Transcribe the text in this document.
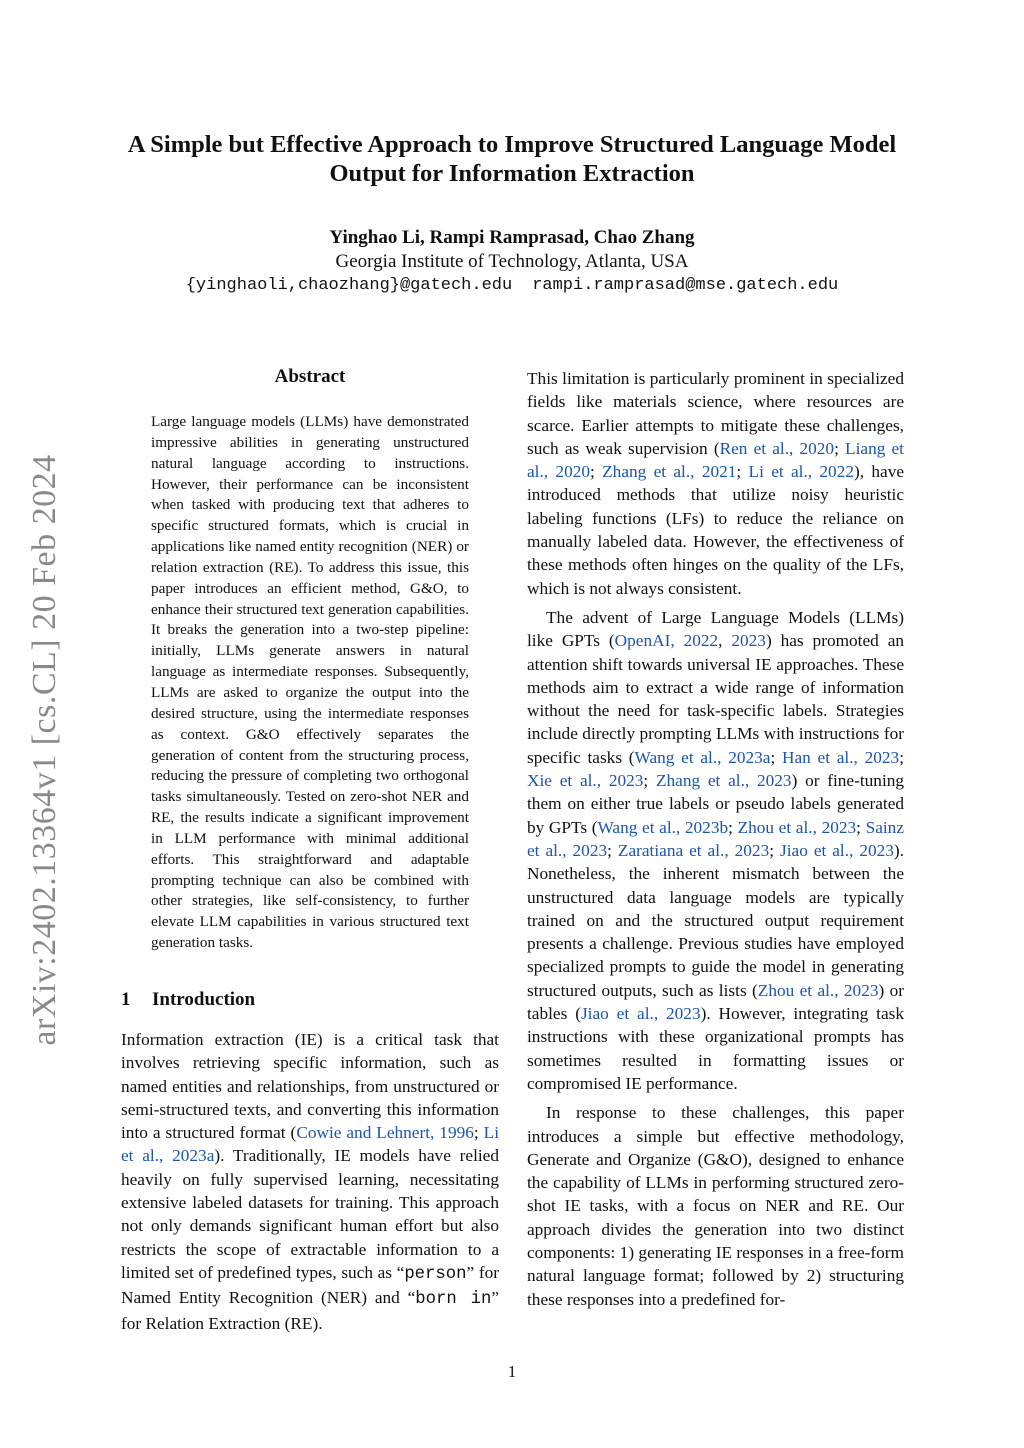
arXiv:2402.13364v1 [cs.CL] 20 Feb 2024
A Simple but Effective Approach to Improve Structured Language Model Output for Information Extraction
Yinghao Li, Rampi Ramprasad, Chao Zhang
Georgia Institute of Technology, Atlanta, USA
{yinghaoli,chaozhang}@gatech.edu rampi.ramprasad@mse.gatech.edu
Abstract

Large language models (LLMs) have demonstrated impressive abilities in generating unstructured natural language according to instructions. However, their performance can be inconsistent when tasked with producing text that adheres to specific structured formats, which is crucial in applications like named entity recognition (NER) or relation extraction (RE). To address this issue, this paper introduces an efficient method, G&O, to enhance their structured text generation capabilities. It breaks the generation into a two-step pipeline: initially, LLMs generate answers in natural language as intermediate responses. Subsequently, LLMs are asked to organize the output into the desired structure, using the intermediate responses as context. G&O effectively separates the generation of content from the structuring process, reducing the pressure of completing two orthogonal tasks simultaneously. Tested on zero-shot NER and RE, the results indicate a significant improvement in LLM performance with minimal additional efforts. This straightforward and adaptable prompting technique can also be combined with other strategies, like self-consistency, to further elevate LLM capabilities in various structured text generation tasks.

1 Introduction

Information extraction (IE) is a critical task that involves retrieving specific information, such as named entities and relationships, from unstructured or semi-structured texts, and converting this information into a structured format (Cowie and Lehnert, 1996; Li et al., 2023a). Traditionally, IE models have relied heavily on fully supervised learning, necessitating extensive labeled datasets for training. This approach not only demands significant human effort but also restricts the scope of extractable information to a limited set of predefined types, such as “person” for Named Entity Recognition (NER) and “born in” for Relation Extraction (RE).

This limitation is particularly prominent in specialized fields like materials science, where resources are scarce. Earlier attempts to mitigate these challenges, such as weak supervision (Ren et al., 2020; Liang et al., 2020; Zhang et al., 2021; Li et al., 2022), have introduced methods that utilize noisy heuristic labeling functions (LFs) to reduce the reliance on manually labeled data. However, the effectiveness of these methods often hinges on the quality of the LFs, which is not always consistent.

The advent of Large Language Models (LLMs) like GPTs (OpenAI, 2022, 2023) has promoted an attention shift towards universal IE approaches. These methods aim to extract a wide range of information without the need for task-specific labels. Strategies include directly prompting LLMs with instructions for specific tasks (Wang et al., 2023a; Han et al., 2023; Xie et al., 2023; Zhang et al., 2023) or fine-tuning them on either true labels or pseudo labels generated by GPTs (Wang et al., 2023b; Zhou et al., 2023; Sainz et al., 2023; Zaratiana et al., 2023; Jiao et al., 2023). Nonetheless, the inherent mismatch between the unstructured data language models are typically trained on and the structured output requirement presents a challenge. Previous studies have employed specialized prompts to guide the model in generating structured outputs, such as lists (Zhou et al., 2023) or tables (Jiao et al., 2023). However, integrating task instructions with these organizational prompts has sometimes resulted in formatting issues or compromised IE performance.

In response to these challenges, this paper introduces a simple but effective methodology, Generate and Organize (G&O), designed to enhance the capability of LLMs in performing structured zero-shot IE tasks, with a focus on NER and RE. Our approach divides the generation into two distinct components: 1) generating IE responses in a free-form natural language format; followed by 2) structuring these responses into a predefined for-

1
